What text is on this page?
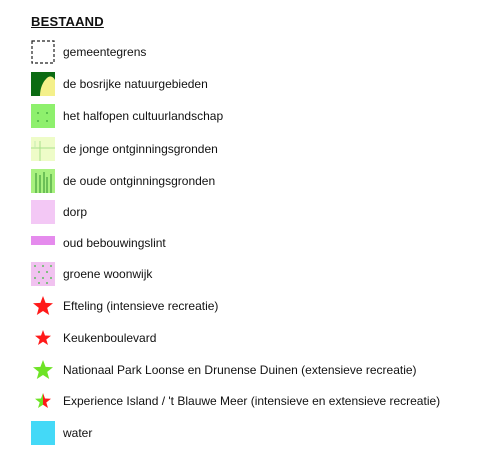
BESTAAND
gemeentegrens
de bosrijke natuurgebieden
het halfopen cultuurlandschap
de jonge ontginningsgronden
de oude ontginningsgronden
dorp
oud bebouwingslint
groene woonwijk
Efteling (intensieve recreatie)
Keukenboulevard
Nationaal Park Loonse en Drunense Duinen (extensieve recreatie)
Experience Island / 't Blauwe Meer (intensieve en extensieve recreatie)
water
